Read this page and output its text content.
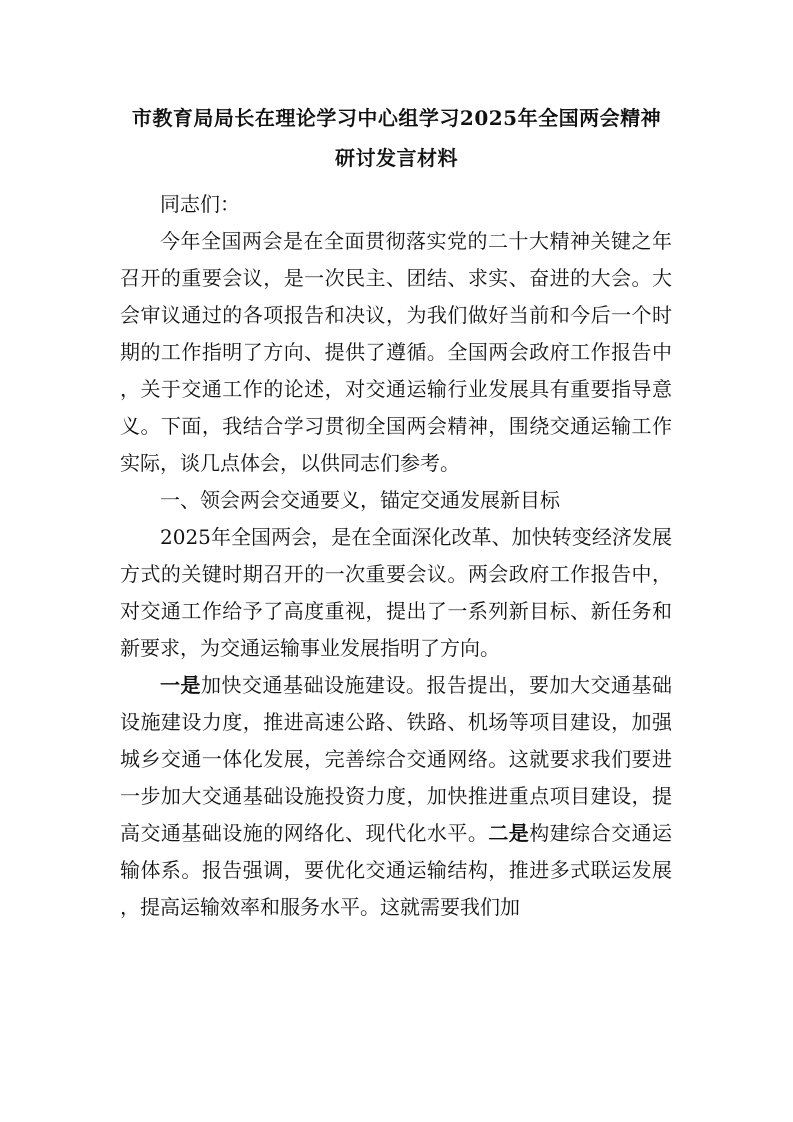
市教育局局长在理论学习中心组学习2025年全国两会精神
研讨发言材料

同志们：

今年全国两会是在全面贯彻落实党的二十大精神关键之年召开的重要会议，是一次民主、团结、求实、奋进的大会。大会审议通过的各项报告和决议，为我们做好当前和今后一个时期的工作指明了方向、提供了遵循。全国两会政府工作报告中，关于交通工作的论述，对交通运输行业发展具有重要指导意义。下面，我结合学习贯彻全国两会精神，围绕交通运输工作实际，谈几点体会，以供同志们参考。

一、领会两会交通要义，锚定交通发展新目标

2025年全国两会，是在全面深化改革、加快转变经济发展方式的关键时期召开的一次重要会议。两会政府工作报告中，对交通工作给予了高度重视，提出了一系列新目标、新任务和新要求，为交通运输事业发展指明了方向。

一是加快交通基础设施建设。报告提出，要加大交通基础设施建设力度，推进高速公路、铁路、机场等项目建设，加强城乡交通一体化发展，完善综合交通网络。这就要求我们要进一步加大交通基础设施投资力度，加快推进重点项目建设，提高交通基础设施的网络化、现代化水平。二是构建综合交通运输体系。报告强调，要优化交通运输结构，推进多式联运发展，提高运输效率和服务水平。这就需要我们加
